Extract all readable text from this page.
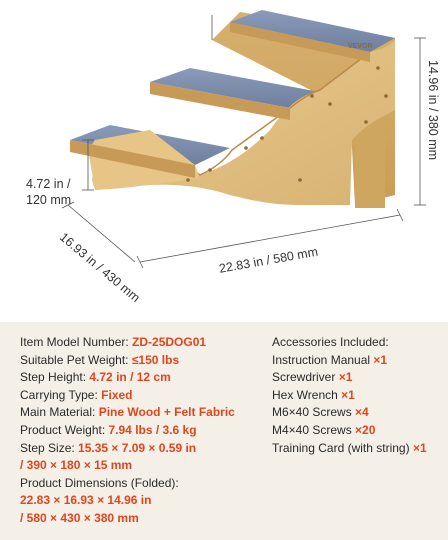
VEVOR
4.72 in /
120 mm
14.96 in / 380 mm
22.83 in / 580 mm
16.93 in / 430 mm
Item Model Number: ZD-25DOG01
Suitable Pet Weight: ≤150 lbs
Step Height: 4.72 in / 12 cm
Carrying Type: Fixed
Main Material: Pine Wood + Felt Fabric
Product Weight: 7.94 lbs / 3.6 kg
Step Size: 15.35 × 7.09 × 0.59 in
/ 390 × 180 × 15 mm
Product Dimensions (Folded):
22.83 × 16.93 × 14.96 in
/ 580 × 430 × 380 mm
Accessories Included:
Instruction Manual ×1
Screwdriver ×1
Hex Wrench ×1
M6×40 Screws ×4
M4×40 Screws ×20
Training Card (with string) ×1
